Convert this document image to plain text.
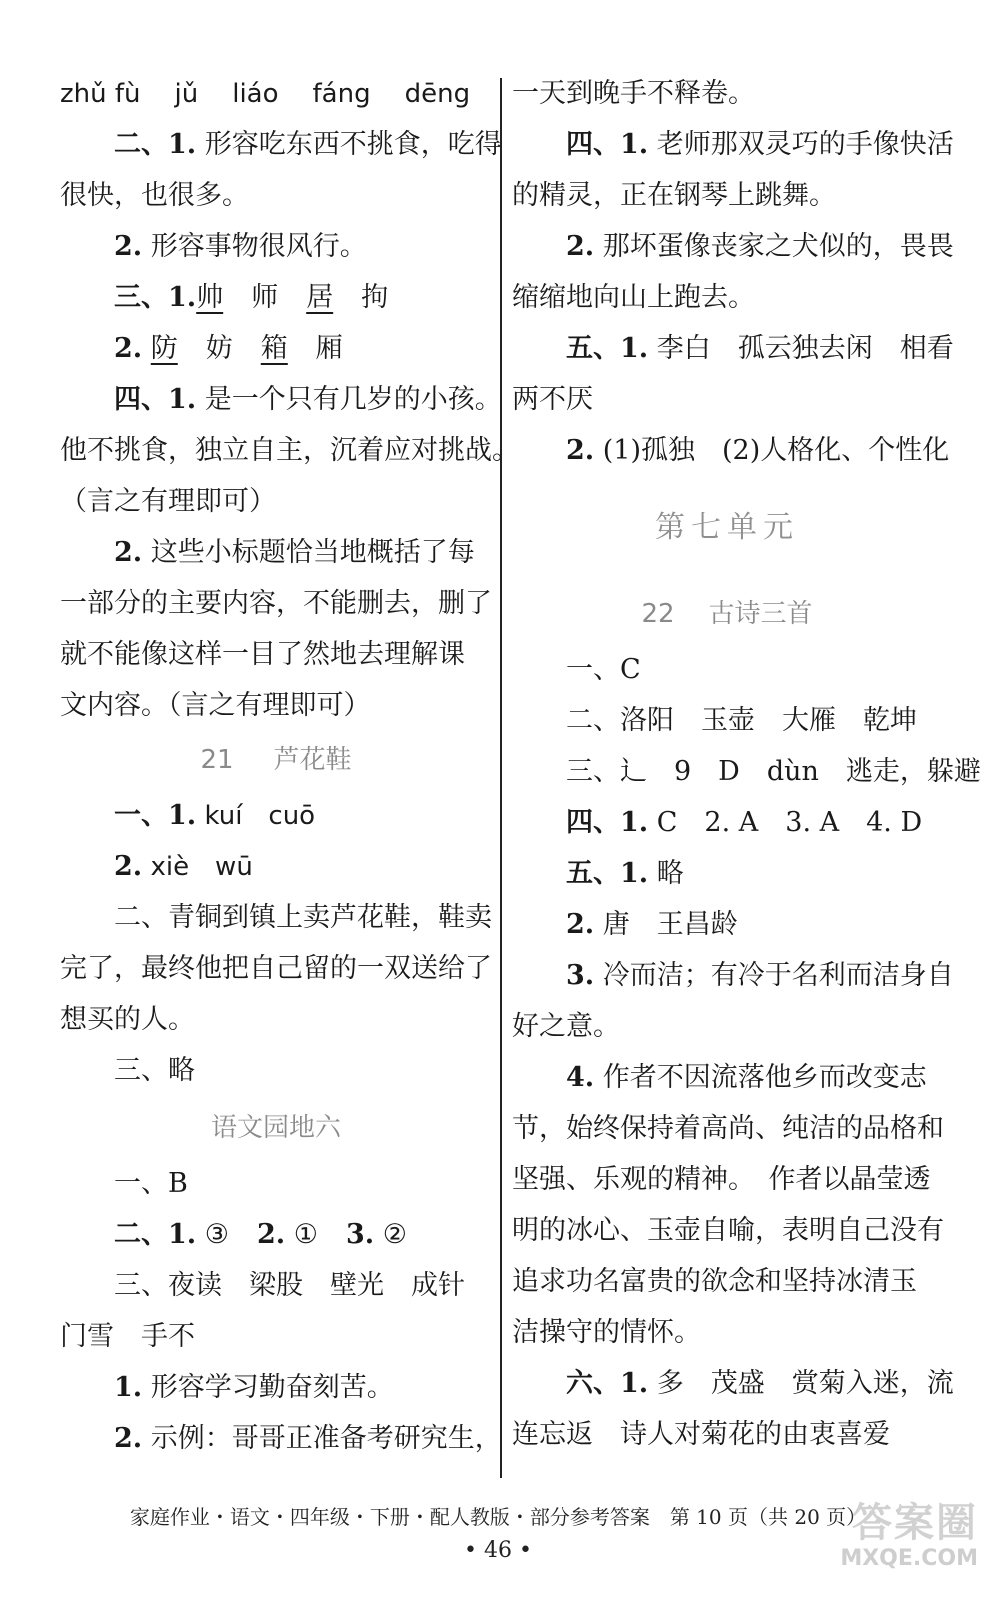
zhǔ fù jǔ liáo fáng dēng
二、1. 形容吃东西不挑食，吃得
很快，也很多。
2. 形容事物很风行。
三、1.帅 师 居 拘
2. 防 妨 箱 厢
四、1. 是一个只有几岁的小孩。
他不挑食，独立自主，沉着应对挑战。
（言之有理即可）
2. 这些小标题恰当地概括了每
一部分的主要内容，不能删去，删了
就不能像这样一目了然地去理解课
文内容。（言之有理即可）
21 芦花鞋
一、1. kuí　cuō
2. xiè　wū
二、青铜到镇上卖芦花鞋，鞋卖
完了，最终他把自己留的一双送给了
想买的人。
三、略
语文园地六
一、B
二、1. ③ 2. ① 3. ②
三、夜读　梁股　壁光　成针
门雪　手不
1. 形容学习勤奋刻苦。
2. 示例：哥哥正准备考研究生，
一天到晚手不释卷。
四、1. 老师那双灵巧的手像快活
的精灵，正在钢琴上跳舞。
2. 那坏蛋像丧家之犬似的，畏畏
缩缩地向山上跑去。
五、1. 李白　孤云独去闲　相看
两不厌
2. (1)孤独　(2)人格化、个性化
第七单元
22 古诗三首
一、C
二、洛阳　玉壶　大雁　乾坤
三、辶　9　D　dùn　逃走，躲避
四、1. C　2. A　3. A　4. D
五、1. 略
2. 唐　王昌龄
3. 冷而洁；有冷于名利而洁身自
好之意。
4. 作者不因流落他乡而改变志
节，始终保持着高尚、纯洁的品格和
坚强、乐观的精神。　作者以晶莹透
明的冰心、玉壶自喻，表明自己没有
追求功名富贵的欲念和坚持冰清玉
洁操守的情怀。
六、1. 多　茂盛　赏菊入迷，流
连忘返　诗人对菊花的由衷喜爱
家庭作业・语文・四年级・下册・配人教版・部分参考答案　第 10 页（共 20 页）
• 46 •
答案圈
MXQE.COM
